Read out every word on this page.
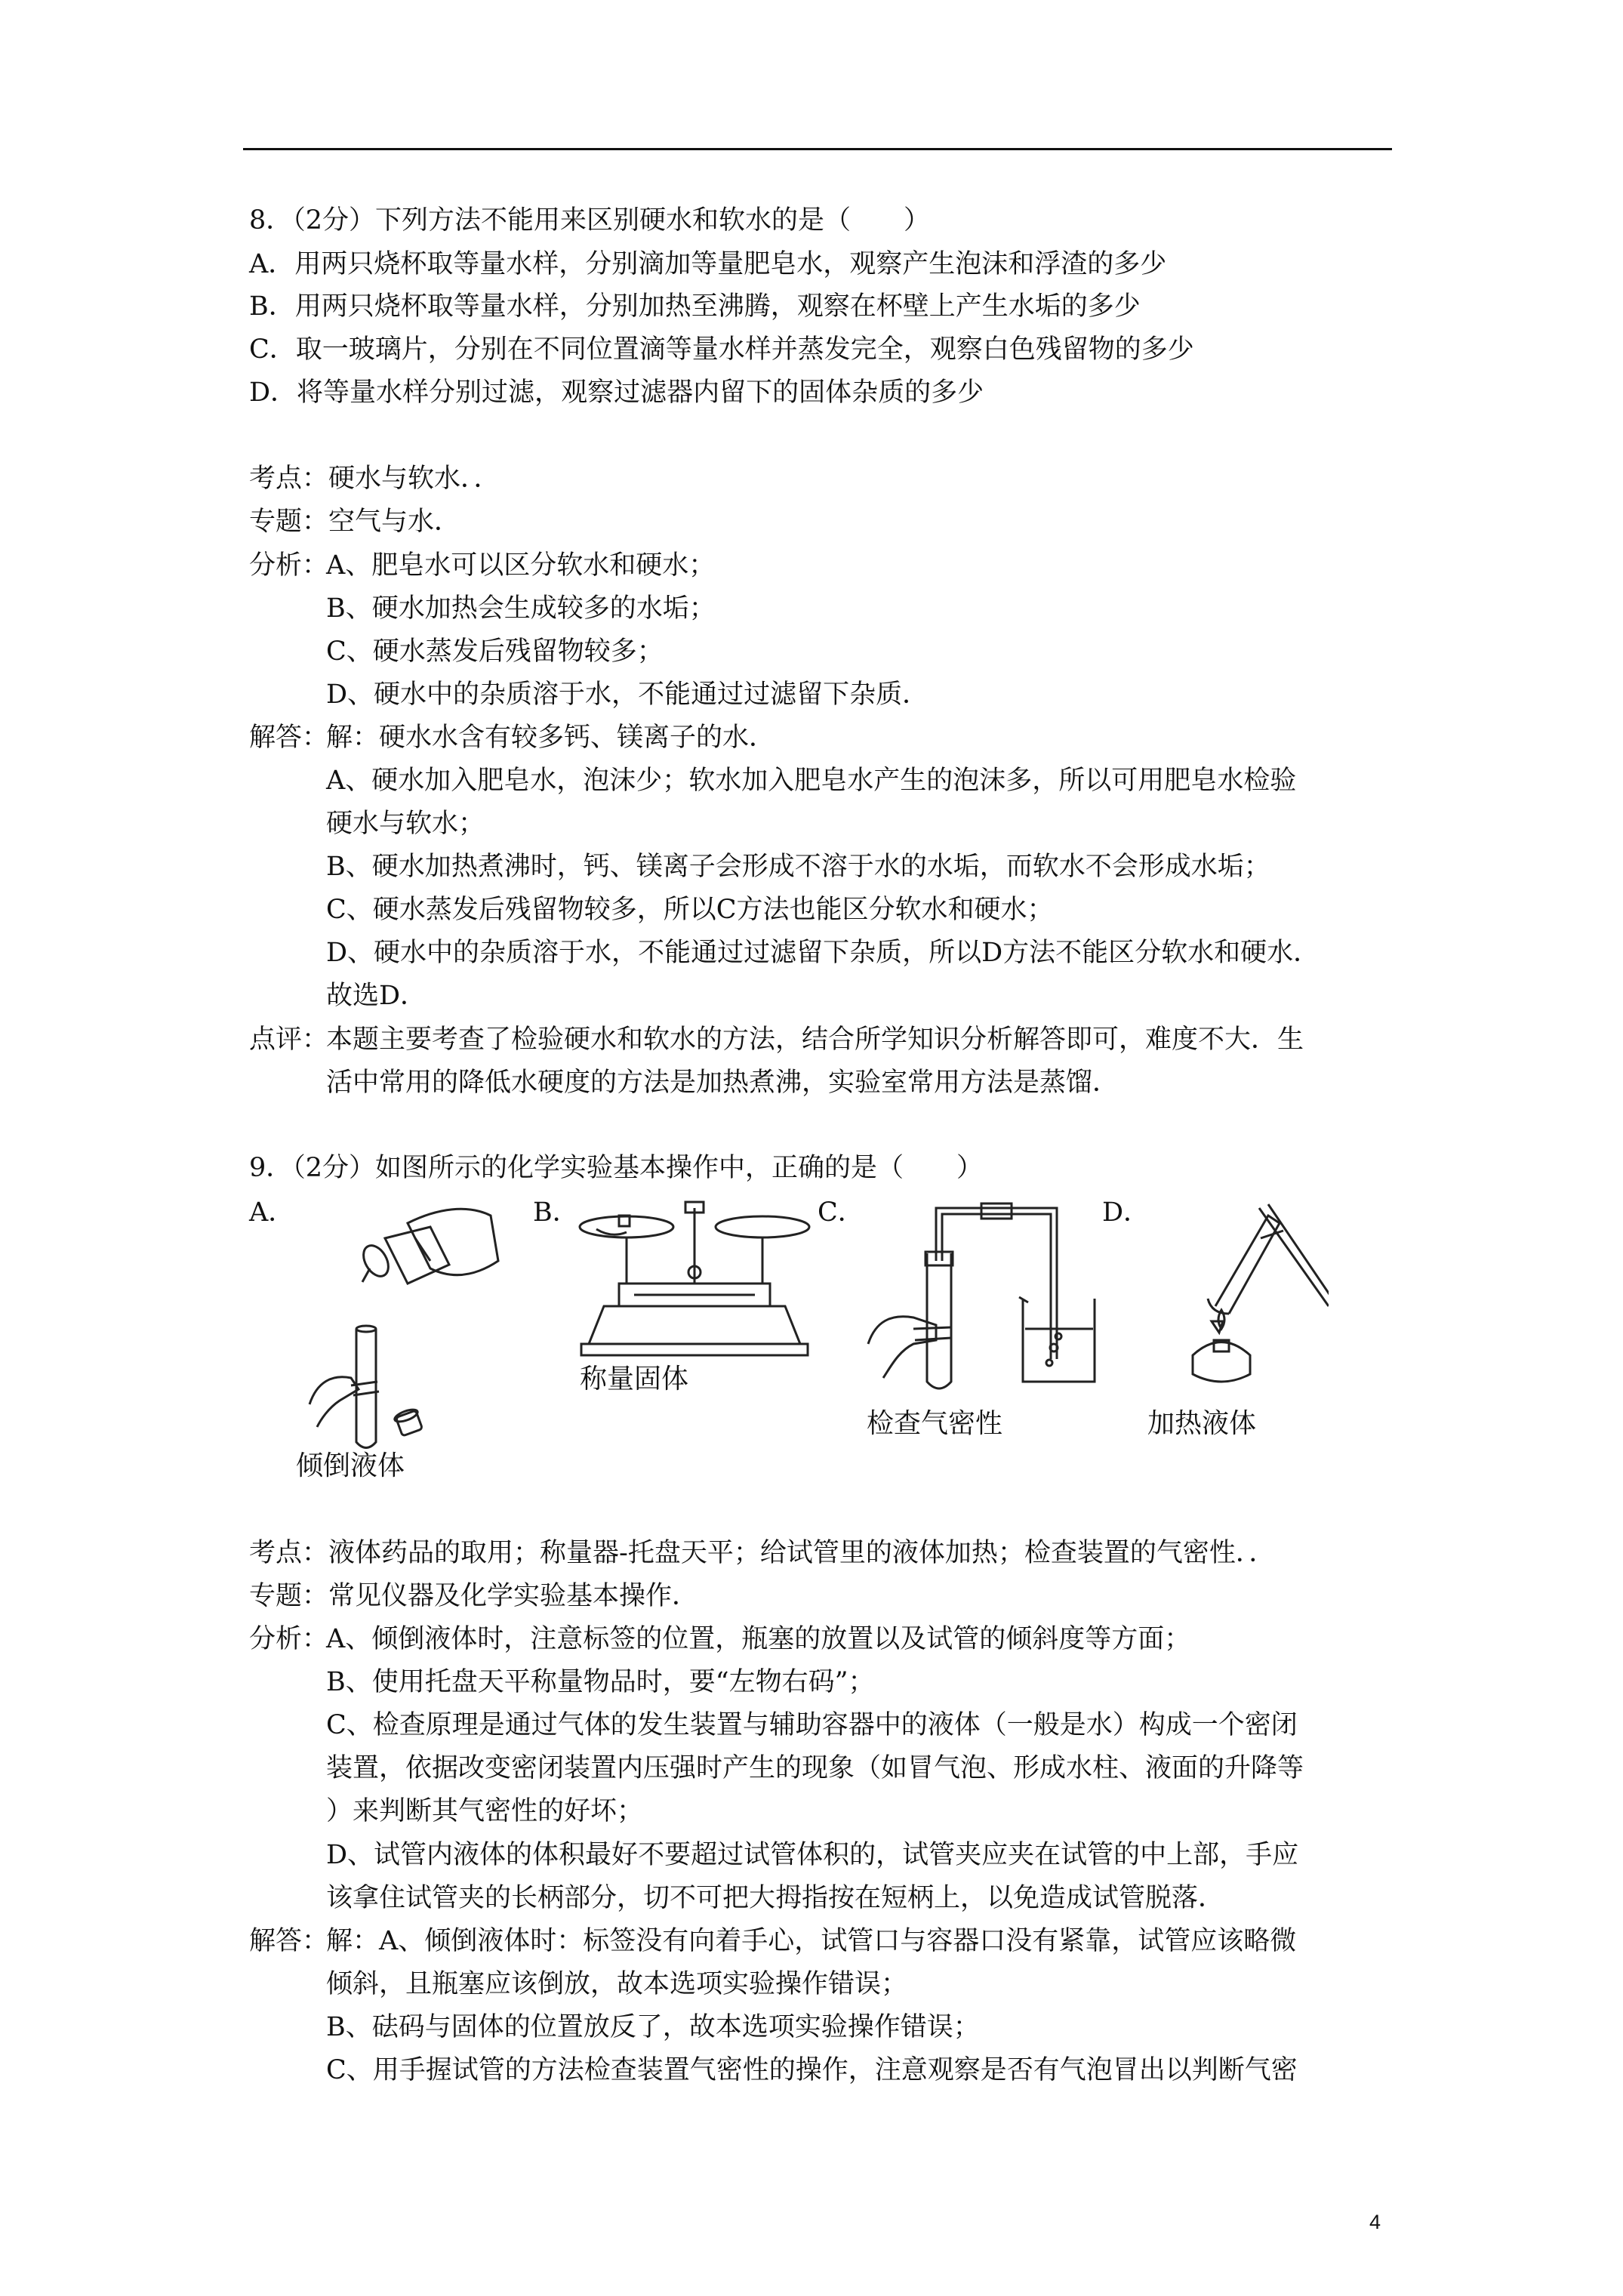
8．（2分）下列方法不能用来区别硬水和软水的是（　　）
A．用两只烧杯取等量水样，分别滴加等量肥皂水，观察产生泡沫和浮渣的多少
B．用两只烧杯取等量水样，分别加热至沸腾，观察在杯壁上产生水垢的多少
C．取一玻璃片，分别在不同位置滴等量水样并蒸发完全，观察白色残留物的多少
D．将等量水样分别过滤，观察过滤器内留下的固体杂质的多少
考点：硬水与软水．．
专题：空气与水．
分析：
A、肥皂水可以区分软水和硬水；
B、硬水加热会生成较多的水垢；
C、硬水蒸发后残留物较多；
D、硬水中的杂质溶于水，不能通过过滤留下杂质．
解答：
解：硬水水含有较多钙、镁离子的水．
A、硬水加入肥皂水，泡沫少；软水加入肥皂水产生的泡沫多，所以可用肥皂水检验
硬水与软水；
B、硬水加热煮沸时，钙、镁离子会形成不溶于水的水垢，而软水不会形成水垢；
C、硬水蒸发后残留物较多，所以C方法也能区分软水和硬水；
D、硬水中的杂质溶于水，不能通过过滤留下杂质，所以D方法不能区分软水和硬水．
故选D．
点评：
本题主要考查了检验硬水和软水的方法，结合所学知识分析解答即可，难度不大．生
活中常用的降低水硬度的方法是加热煮沸，实验室常用方法是蒸馏．
9．（2分）如图所示的化学实验基本操作中，正确的是（　　）
A．	B．	C．	D．
称量固体
检查气密性	加热液体
倾倒液体
考点：液体药品的取用；称量器-托盘天平；给试管里的液体加热；检查装置的气密性．．
专题：常见仪器及化学实验基本操作．
分析：
A、倾倒液体时，注意标签的位置，瓶塞的放置以及试管的倾斜度等方面；
B、使用托盘天平称量物品时，要“左物右码”；
C、检查原理是通过气体的发生装置与辅助容器中的液体（一般是水）构成一个密闭
装置，依据改变密闭装置内压强时产生的现象（如冒气泡、形成水柱、液面的升降等
）来判断其气密性的好坏；
D、试管内液体的体积最好不要超过试管体积的，试管夹应夹在试管的中上部，手应
该拿住试管夹的长柄部分，切不可把大拇指按在短柄上，以免造成试管脱落．
解答：
解：A、倾倒液体时：标签没有向着手心，试管口与容器口没有紧靠，试管应该略微
倾斜，且瓶塞应该倒放，故本选项实验操作错误；
B、砝码与固体的位置放反了，故本选项实验操作错误；
C、用手握试管的方法检查装置气密性的操作，注意观察是否有气泡冒出以判断气密
4
